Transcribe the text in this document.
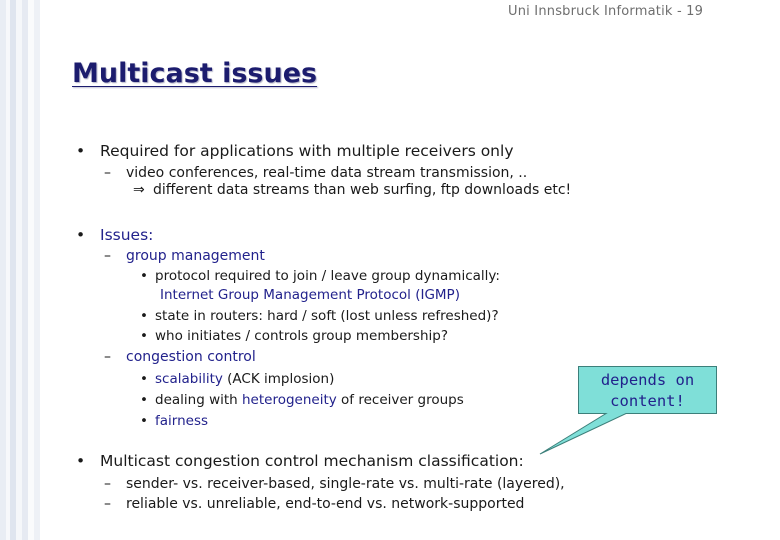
Uni Innsbruck Informatik - 19
Multicast issues
• Required for applications with multiple receivers only
– video conferences, real-time data stream transmission, ..
⇒ different data streams than web surfing, ftp downloads etc!
• Issues:
– group management
• protocol required to join / leave group dynamically:
Internet Group Management Protocol (IGMP)
• state in routers: hard / soft (lost unless refreshed)?
• who initiates / controls group membership?
– congestion control
• scalability (ACK implosion)
• dealing with heterogeneity of receiver groups
• fairness
• Multicast congestion control mechanism classification:
– sender- vs. receiver-based, single-rate vs. multi-rate (layered),
– reliable vs. unreliable, end-to-end vs. network-supported
depends on
content!
